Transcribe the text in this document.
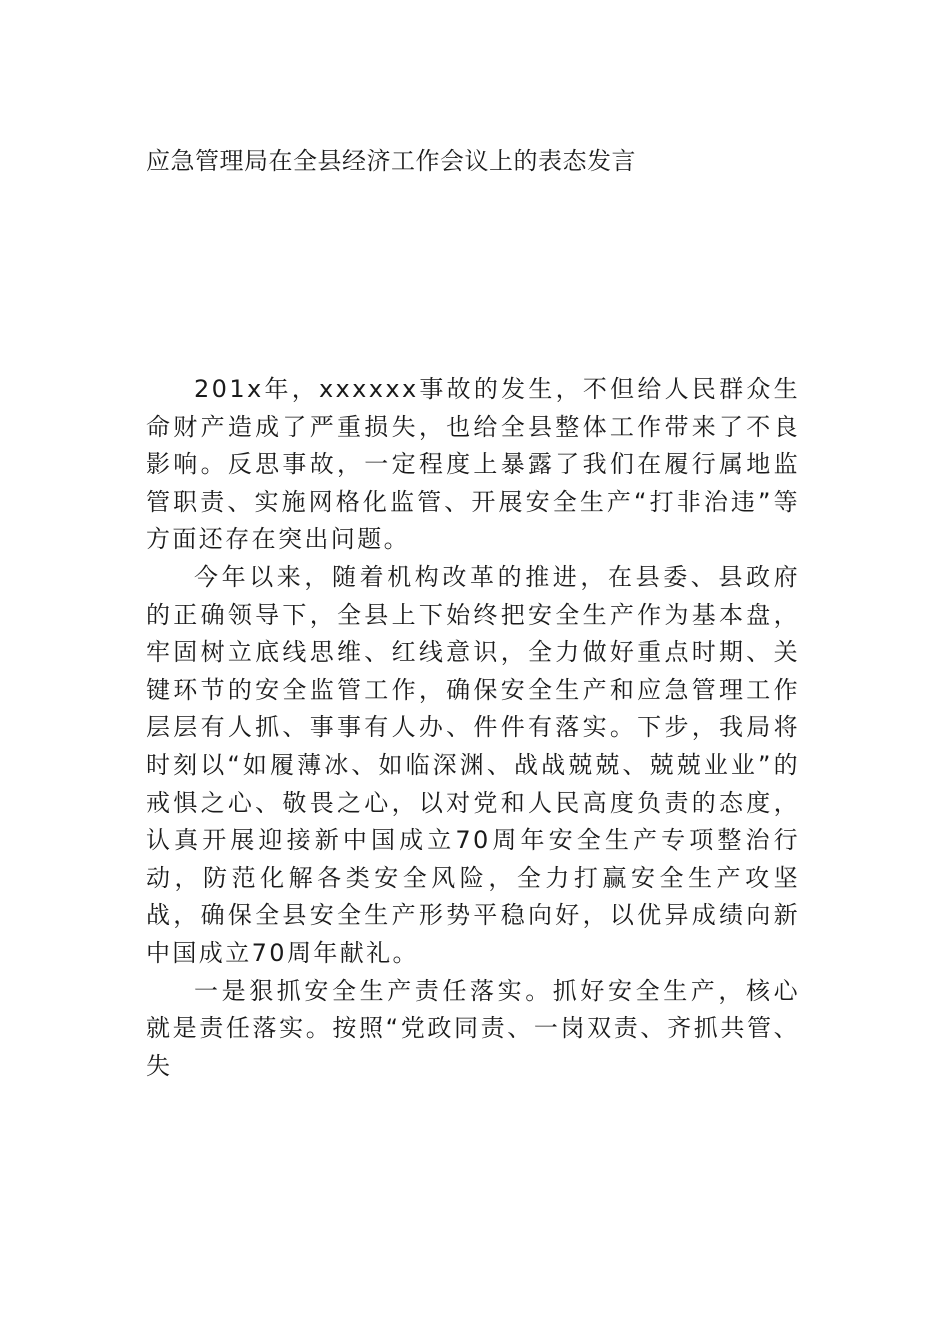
应急管理局在全县经济工作会议上的表态发言

201x年，xxxxxx事故的发生，不但给人民群众生命财产造成了严重损失，也给全县整体工作带来了不良影响。反思事故，一定程度上暴露了我们在履行属地监管职责、实施网格化监管、开展安全生产“打非治违”等方面还存在突出问题。

今年以来，随着机构改革的推进，在县委、县政府的正确领导下，全县上下始终把安全生产作为基本盘，牢固树立底线思维、红线意识，全力做好重点时期、关键环节的安全监管工作，确保安全生产和应急管理工作层层有人抓、事事有人办、件件有落实。下步，我局将时刻以“如履薄冰、如临深渊、战战兢兢、兢兢业业”的戒惧之心、敬畏之心，以对党和人民高度负责的态度，认真开展迎接新中国成立70周年安全生产专项整治行动，防范化解各类安全风险，全力打赢安全生产攻坚战，确保全县安全生产形势平稳向好，以优异成绩向新中国成立70周年献礼。

一是狠抓安全生产责任落实。抓好安全生产，核心就是责任落实。按照“党政同责、一岗双责、齐抓共管、失
